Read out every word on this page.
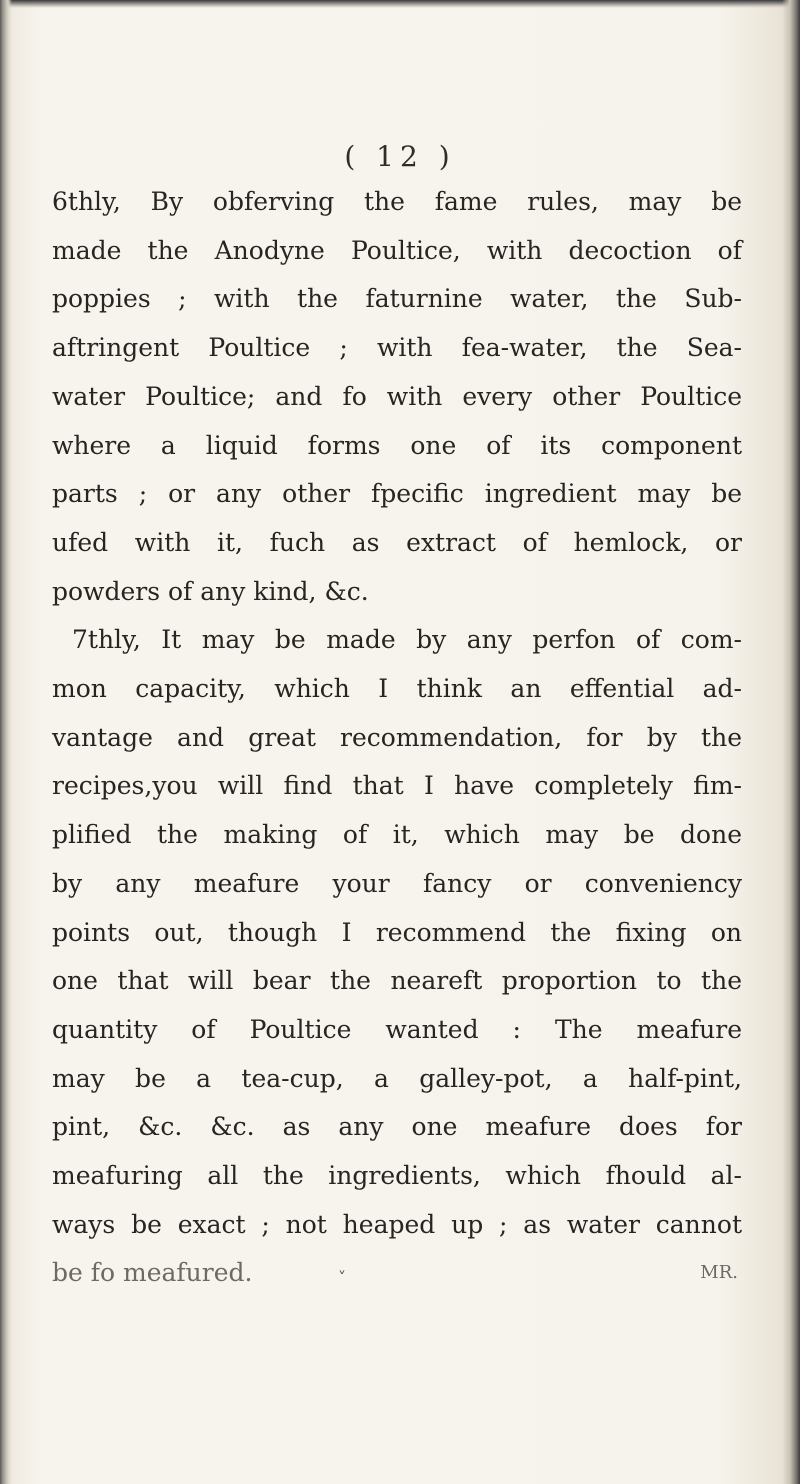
( 12 )
6thly, By obferving the fame rules, may be
made the Anodyne Poultice, with decoction of
poppies ; with the faturnine water, the Sub-
aftringent Poultice ; with fea-water, the Sea-
water Poultice; and fo with every other Poultice
where a liquid forms one of its component
parts ; or any other fpecific ingredient may be
ufed with it, fuch as extract of hemlock, or
powders of any kind, &c.
7thly, It may be made by any perfon of com-
mon capacity, which I think an effential ad-
vantage and great recommendation, for by the
recipes,you will find that I have completely fim-
plified the making of it, which may be done
by any meafure your fancy or conveniency
points out, though I recommend the fixing on
one that will bear the neareft proportion to the
quantity of Poultice wanted : The meafure
may be a tea-cup, a galley-pot, a half-pint,
pint, &c. &c. as any one meafure does for
meafuring all the ingredients, which fhould al-
ways be exact ; not heaped up ; as water cannot
be fo meafured.	MR.
˅
